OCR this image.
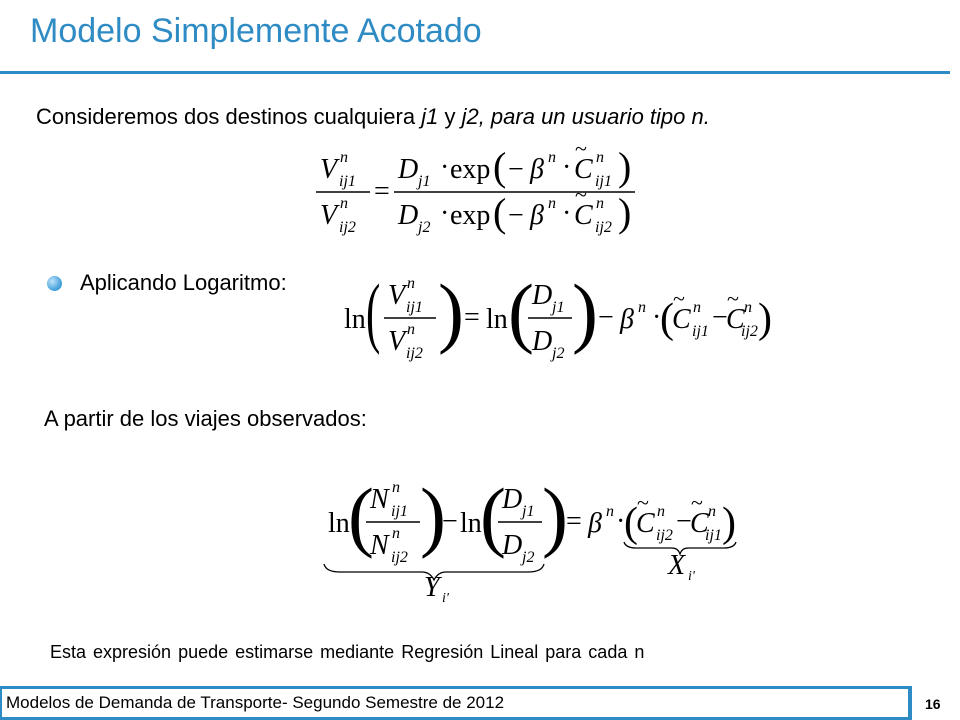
Modelo Simplemente Acotado
Consideremos dos destinos cualquiera j1 y j2, para un usuario tipo n.
V n
ij1
V n
ij2
=
D j1 · exp ( − β n · C
~ n
ij1 )
D j2 · exp ( − β n · C
~ n
ij2 )
Aplicando Logaritmo:
ln ( V n
ij1
V n
ij2 ) = ln (
D j1
D j2 ) − β n ·
(
C
~ n
ij1 −
C
~ n
ij2 )
A partir de los viajes observados:
ln
(
N n
ij1
N n
ij2 )
− ln
(
D j1
D j2 )
= β n ·
(
C
~ n
ij2 −
C
~ n
ij1 )
Y i'
X i'
Esta expresión puede estimarse mediante Regresión Lineal para cada n
Modelos de Demanda de Transporte- Segundo Semestre de 2012	16
